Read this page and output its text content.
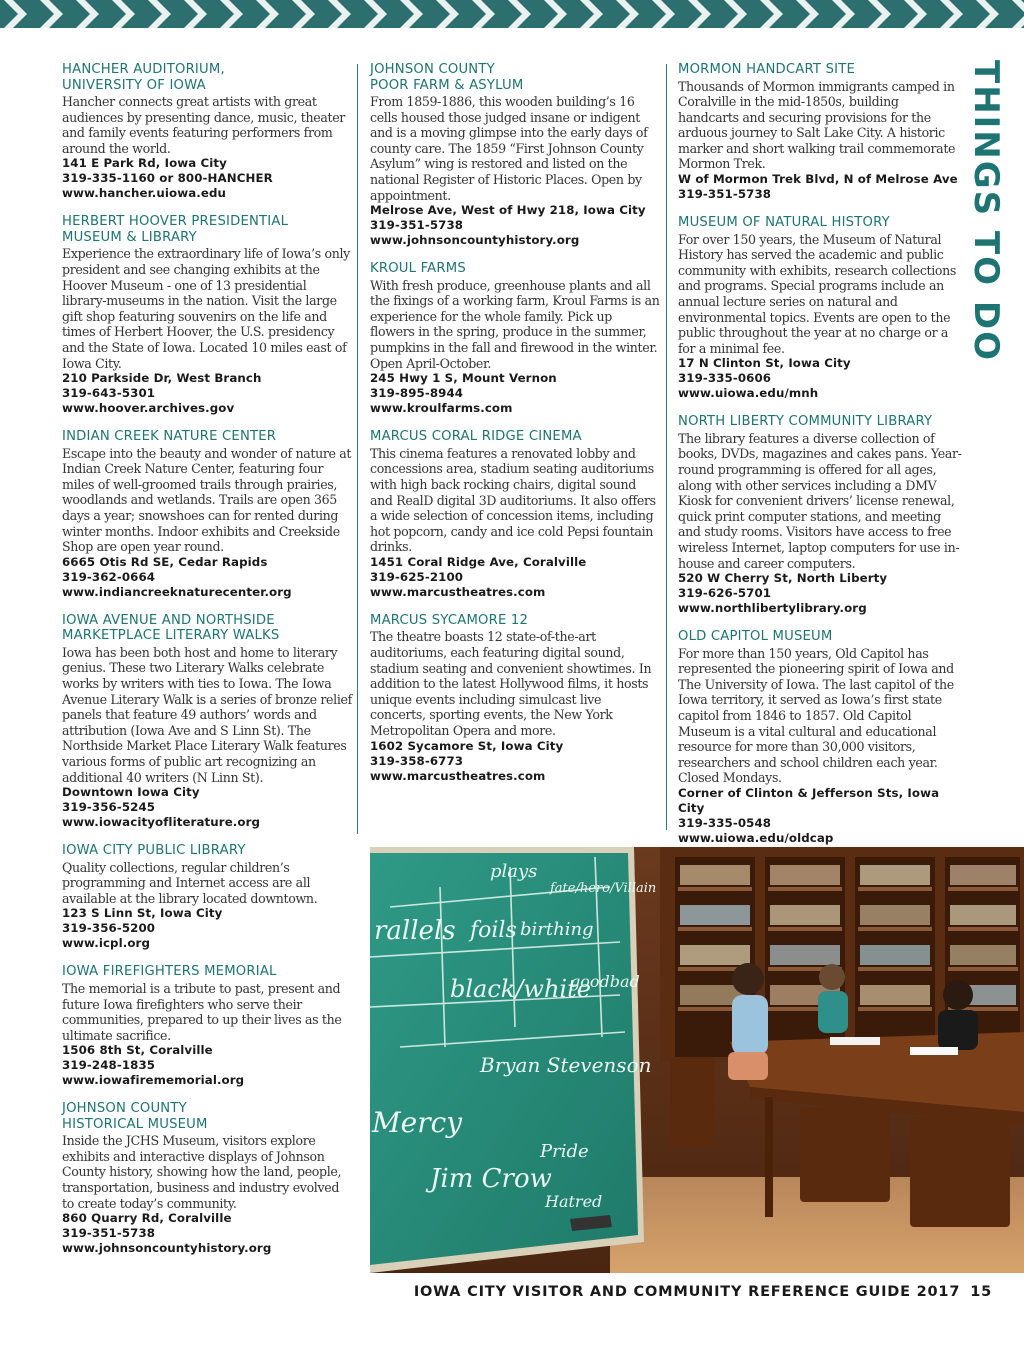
HANCHER AUDITORIUM,
UNIVERSITY OF IOWA

Hancher connects great artists with great audiences by presenting dance, music, theater and family events featuring performers from around the world.

141 E Park Rd, Iowa City

319-335-1160 or 800-HANCHER

www.hancher.uiowa.edu

HERBERT HOOVER PRESIDENTIAL
MUSEUM & LIBRARY

Experience the extraordinary life of Iowa’s only president and see changing exhibits at the Hoover Museum - one of 13 presidential library-museums in the nation. Visit the large gift shop featuring souvenirs on the life and times of Herbert Hoover, the U.S. presidency and the State of Iowa. Located 10 miles east of Iowa City.

210 Parkside Dr, West Branch

319-643-5301

www.hoover.archives.gov

INDIAN CREEK NATURE CENTER

Escape into the beauty and wonder of nature at Indian Creek Nature Center, featuring four miles of well-groomed trails through prairies, woodlands and wetlands. Trails are open 365 days a year; snowshoes can for rented during winter months. Indoor exhibits and Creekside Shop are open year round.

6665 Otis Rd SE, Cedar Rapids

319-362-0664

www.indiancreeknaturecenter.org

IOWA AVENUE AND NORTHSIDE
MARKETPLACE LITERARY WALKS

Iowa has been both host and home to literary genius. These two Literary Walks celebrate works by writers with ties to Iowa. The Iowa Avenue Literary Walk is a series of bronze relief panels that feature 49 authors’ words and attribution (Iowa Ave and S Linn St). The Northside Market Place Literary Walk features various forms of public art recognizing an additional 40 writers (N Linn St).

Downtown Iowa City

319-356-5245

www.iowacityofliterature.org

IOWA CITY PUBLIC LIBRARY

Quality collections, regular children’s programming and Internet access are all available at the library located downtown.

123 S Linn St, Iowa City

319-356-5200

www.icpl.org

IOWA FIREFIGHTERS MEMORIAL

The memorial is a tribute to past, present and future Iowa firefighters who serve their communities, prepared to up their lives as the ultimate sacrifice.

1506 8th St, Coralville

319-248-1835

www.iowafirememorial.org

JOHNSON COUNTY
HISTORICAL MUSEUM

Inside the JCHS Museum, visitors explore exhibits and interactive displays of Johnson County history, showing how the land, people, transportation, business and industry evolved to create today’s community.

860 Quarry Rd, Coralville

319-351-5738

www.johnsoncountyhistory.org

JOHNSON COUNTY
POOR FARM & ASYLUM

From 1859-1886, this wooden building’s 16 cells housed those judged insane or indigent and is a moving glimpse into the early days of county care. The 1859 “First Johnson County Asylum” wing is restored and listed on the national Register of Historic Places. Open by appointment.

Melrose Ave, West of Hwy 218, Iowa City

319-351-5738

www.johnsoncountyhistory.org

KROUL FARMS

With fresh produce, greenhouse plants and all the fixings of a working farm, Kroul Farms is an experience for the whole family. Pick up flowers in the spring, produce in the summer, pumpkins in the fall and firewood in the winter. Open April-October.

245 Hwy 1 S, Mount Vernon

319-895-8944

www.kroulfarms.com

MARCUS CORAL RIDGE CINEMA

This cinema features a renovated lobby and concessions area, stadium seating auditoriums with high back rocking chairs, digital sound and RealD digital 3D auditoriums. It also offers a wide selection of concession items, including hot popcorn, candy and ice cold Pepsi fountain drinks.

1451 Coral Ridge Ave, Coralville

319-625-2100

www.marcustheatres.com

MARCUS SYCAMORE 12

The theatre boasts 12 state-of-the-art auditoriums, each featuring digital sound, stadium seating and convenient showtimes. In addition to the latest Hollywood films, it hosts unique events including simulcast live concerts, sporting events, the New York Metropolitan Opera and more.

1602 Sycamore St, Iowa City

319-358-6773

www.marcustheatres.com

MORMON HANDCART SITE

Thousands of Mormon immigrants camped in Coralville in the mid-1850s, building handcarts and securing provisions for the arduous journey to Salt Lake City. A historic marker and short walking trail commemorate Mormon Trek.

W of Mormon Trek Blvd, N of Melrose Ave

319-351-5738

MUSEUM OF NATURAL HISTORY

For over 150 years, the Museum of Natural History has served the academic and public community with exhibits, research collections and programs. Special programs include an annual lecture series on natural and environmental topics. Events are open to the public throughout the year at no charge or a for a minimal fee.

17 N Clinton St, Iowa City

319-335-0606

www.uiowa.edu/mnh

NORTH LIBERTY COMMUNITY LIBRARY

The library features a diverse collection of books, DVDs, magazines and cakes pans. Year-round programming is offered for all ages, along with other services including a DMV Kiosk for convenient drivers’ license renewal, quick print computer stations, and meeting and study rooms. Visitors have access to free wireless Internet, laptop computers for use in-house and career computers.

520 W Cherry St, North Liberty

319-626-5701

www.northlibertylibrary.org

OLD CAPITOL MUSEUM

For more than 150 years, Old Capitol has represented the pioneering spirit of Iowa and The University of Iowa. The last capitol of the Iowa territory, it served as Iowa’s first state capitol from 1846 to 1857. Old Capitol Museum is a vital cultural and educational resource for more than 30,000 visitors, researchers and school children each year. Closed Mondays.

Corner of Clinton & Jefferson Sts, Iowa City

319-335-0548

www.uiowa.edu/oldcap

THINGS TO DO
plays
fate/hero/Villain
rallels foils birthing
black/white
goodbad
Bryan Stevenson
Mercy
Jim Crow
Pride
Hatred
IOWA CITY VISITOR AND COMMUNITY REFERENCE GUIDE 2017 15
